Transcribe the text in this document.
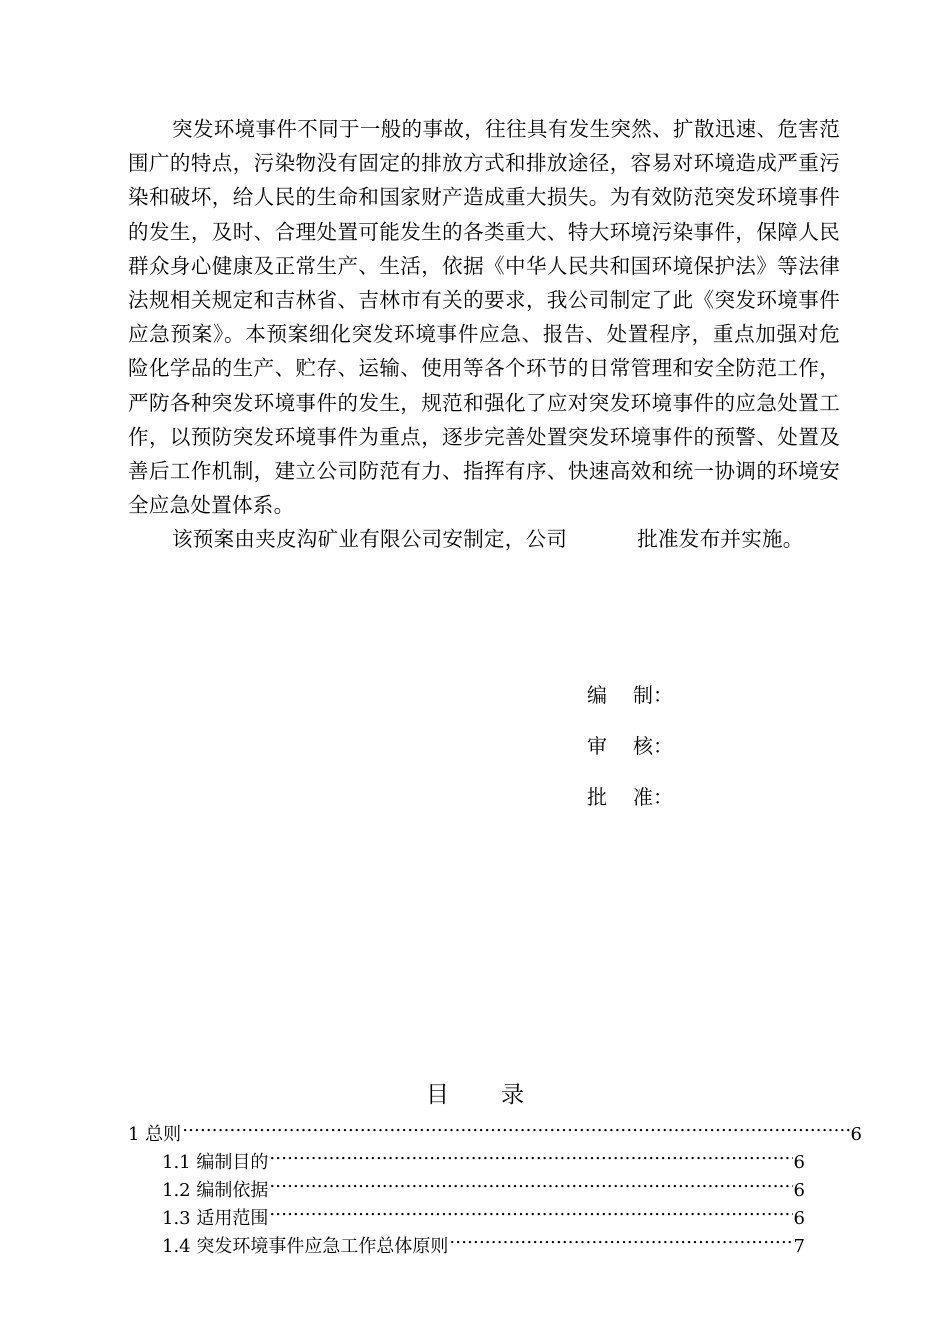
突发环境事件不同于一般的事故，往往具有发生突然、扩散迅速、危害范围广的特点，污染物没有固定的排放方式和排放途径，容易对环境造成严重污染和破坏，给人民的生命和国家财产造成重大损失。为有效防范突发环境事件的发生，及时、合理处置可能发生的各类重大、特大环境污染事件，保障人民群众身心健康及正常生产、生活，依据《中华人民共和国环境保护法》等法律法规相关规定和吉林省、吉林市有关的要求，我公司制定了此《突发环境事件应急预案》。本预案细化突发环境事件应急、报告、处置程序，重点加强对危险化学品的生产、贮存、运输、使用等各个环节的日常管理和安全防范工作，严防各种突发环境事件的发生，规范和强化了应对突发环境事件的应急处置工作，以预防突发环境事件为重点，逐步完善处置突发环境事件的预警、处置及善后工作机制，建立公司防范有力、指挥有序、快速高效和统一协调的环境安全应急处置体系。

该预案由夹皮沟矿业有限公司安制定，公司	批准发布并实施。

编 制：
审 核：
批 准：
目录
1 总则 .....	6
1.1 编制目的 .....	6
1.2 编制依据 .....	6
1.3 适用范围 .....	6
1.4 突发环境事件应急工作总体原则 .....	7
